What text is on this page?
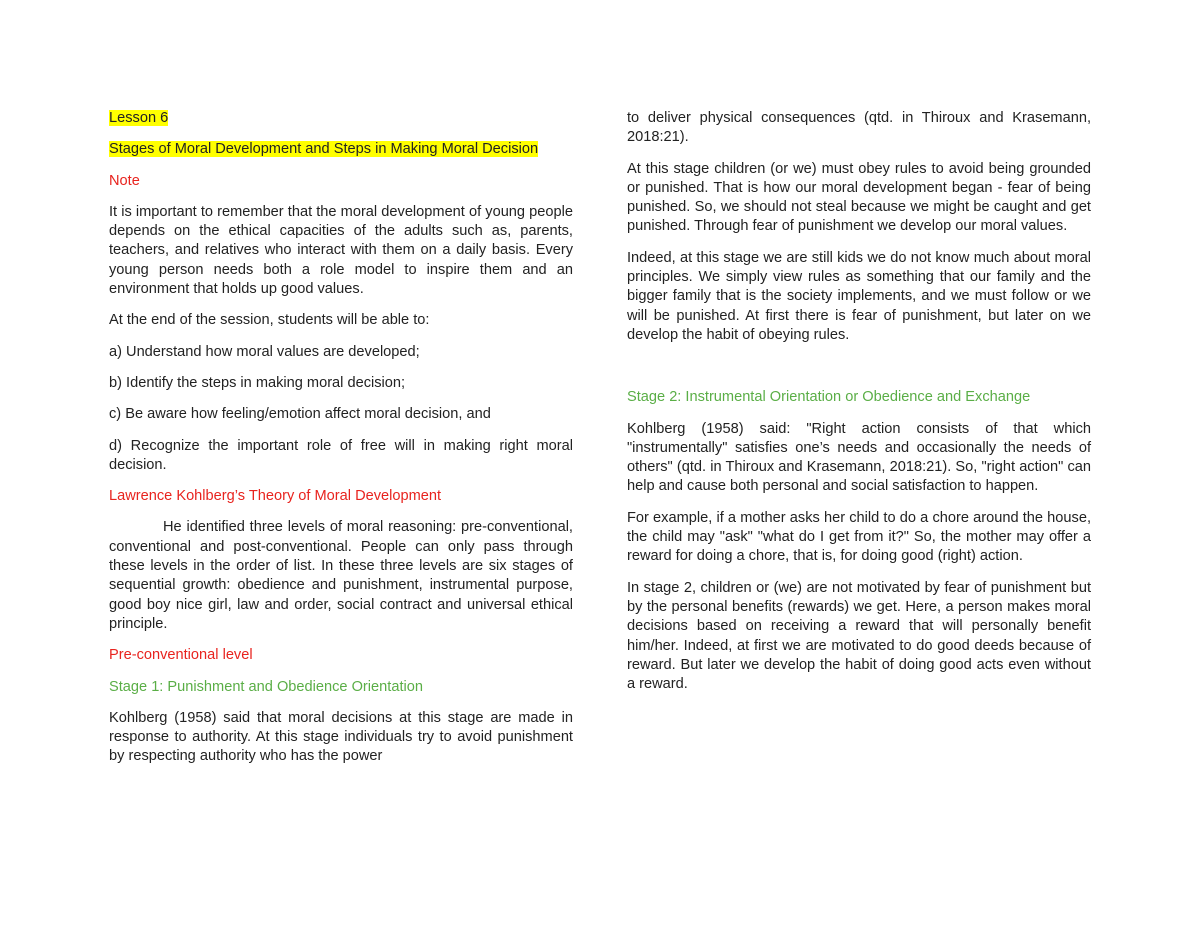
Lesson 6

Stages of Moral Development and Steps in Making Moral Decision

Note

It is important to remember that the moral development of young people depends on the ethical capacities of the adults such as, parents, teachers, and relatives who interact with them on a daily basis. Every young person needs both a role model to inspire them and an environment that holds up good values.

At the end of the session, students will be able to:

a) Understand how moral values are developed;

b) Identify the steps in making moral decision;

c) Be aware how feeling/emotion affect moral decision, and

d) Recognize the important role of free will in making right moral decision.

Lawrence Kohlberg’s Theory of Moral Development

He identified three levels of moral reasoning: pre-conventional, conventional and post-conventional. People can only pass through these levels in the order of list. In these three levels are six stages of sequential growth: obedience and punishment, instrumental purpose, good boy nice girl, law and order, social contract and universal ethical principle.

Pre-conventional level

Stage 1: Punishment and Obedience Orientation

Kohlberg (1958) said that moral decisions at this stage are made in response to authority. At this stage individuals try to avoid punishment by respecting authority who has the power

to deliver physical consequences (qtd. in Thiroux and Krasemann, 2018:21).

At this stage children (or we) must obey rules to avoid being grounded or punished. That is how our moral development began - fear of being punished. So, we should not steal because we might be caught and get punished. Through fear of punishment we develop our moral values.

Indeed, at this stage we are still kids we do not know much about moral principles. We simply view rules as something that our family and the bigger family that is the society implements, and we must follow or we will be punished. At first there is fear of punishment, but later on we develop the habit of obeying rules.

Stage 2: Instrumental Orientation or Obedience and Exchange

Kohlberg (1958) said: "Right action consists of that which "instrumentally" satisfies one’s needs and occasionally the needs of others" (qtd. in Thiroux and Krasemann, 2018:21). So, "right action" can help and cause both personal and social satisfaction to happen.

For example, if a mother asks her child to do a chore around the house, the child may "ask" "what do I get from it?" So, the mother may offer a reward for doing a chore, that is, for doing good (right) action.

In stage 2, children or (we) are not motivated by fear of punishment but by the personal benefits (rewards) we get. Here, a person makes moral decisions based on receiving a reward that will personally benefit him/her. Indeed, at first we are motivated to do good deeds because of reward. But later we develop the habit of doing good acts even without a reward.
